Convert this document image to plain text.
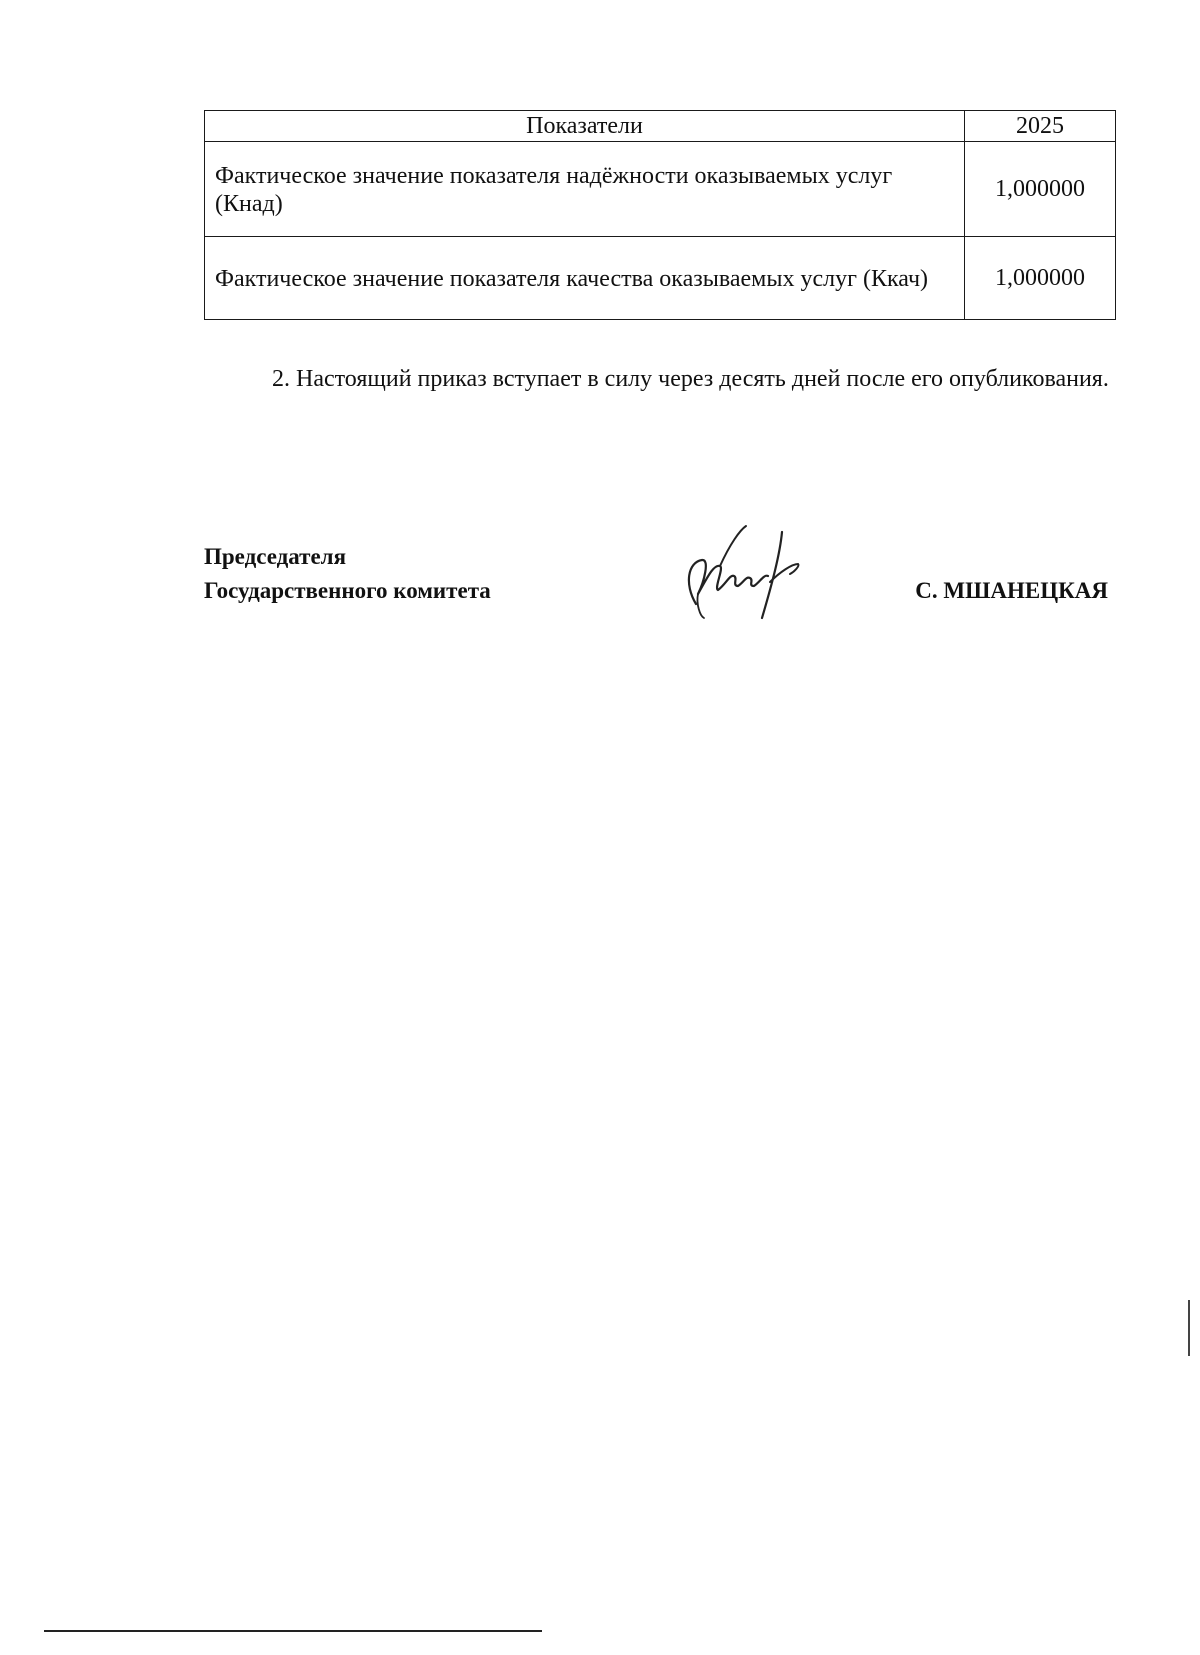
Показатели	2025
Фактическое значение показателя надёжности оказываемых услуг (Кнад)	1,000000
Фактическое значение показателя качества оказываемых услуг (Ккач)	1,000000

2. Настоящий приказ вступает в силу через десять дней после его опубликования.

Председателя
Государственного комитета	С. МШАНЕЦКАЯ
